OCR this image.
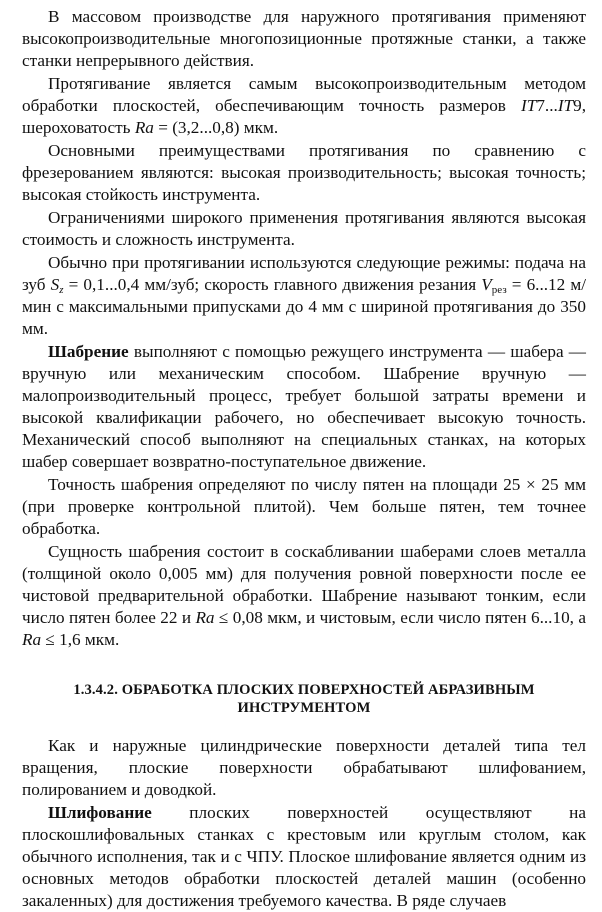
В массовом производстве для наружного протягивания применяют высокопроизводительные многопозиционные протяжные станки, а также станки непрерывного действия.

Протягивание является самым высокопроизводительным методом обработки плоскостей, обеспечивающим точность размеров IT7...IT9, шероховатость Ra = (3,2...0,8) мкм.

Основными преимуществами протягивания по сравнению с фрезерованием являются: высокая производительность; высокая точность; высокая стойкость инструмента.

Ограничениями широкого применения протягивания являются высокая стоимость и сложность инструмента.

Обычно при протягивании используются следующие режимы: подача на зуб $S_z = 0,1...0,4$ мм/зуб; скорость главного движения резания $V_{рез} = 6...12$ м/мин с максимальными припусками до 4 мм с шириной протягивания до 350 мм.

Шабрение выполняют с помощью режущего инструмента — шабера — вручную или механическим способом. Шабрение вручную — малопроизводительный процесс, требует большой затраты времени и высокой квалификации рабочего, но обеспечивает высокую точность. Механический способ выполняют на специальных станках, на которых шабер совершает возвратно-поступательное движение.

Точность шабрения определяют по числу пятен на площади 25 × 25 мм (при проверке контрольной плитой). Чем больше пятен, тем точнее обработка.

Сущность шабрения состоит в соскабливании шаберами слоев металла (толщиной около 0,005 мм) для получения ровной поверхности после ее чистовой предварительной обработки. Шабрение называют тонким, если число пятен более 22 и Ra ≤ 0,08 мкм, и чистовым, если число пятен 6...10, а Ra ≤ 1,6 мкм.

1.3.4.2. ОБРАБОТКА ПЛОСКИХ ПОВЕРХНОСТЕЙ АБРАЗИВНЫМ
ИНСТРУМЕНТОМ

Как и наружные цилиндрические поверхности деталей типа тел вращения, плоские поверхности обрабатывают шлифованием, полированием и доводкой.

Шлифование плоских поверхностей осуществляют на плоскошлифовальных станках с крестовым или круглым столом, как обычного исполнения, так и с ЧПУ. Плоское шлифование является одним из основных методов обработки плоскостей деталей машин (особенно закаленных) для достижения требуемого качества. В ряде случаев
